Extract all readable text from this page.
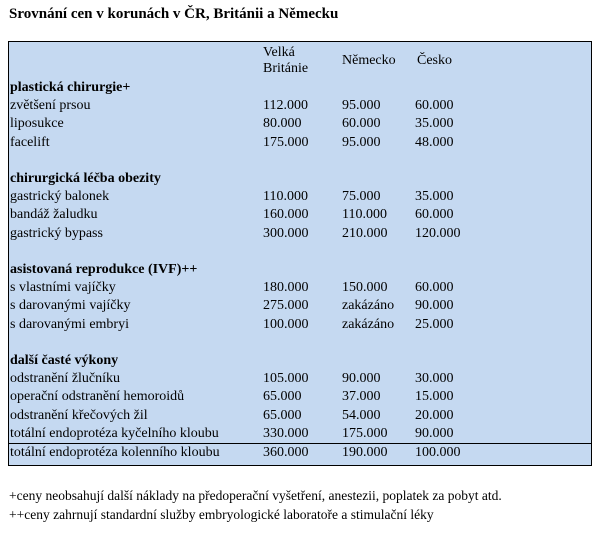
Srovnání cen v korunách v ČR, Británii a Německu
Velká
Británie
Německo Česko
plastická chirurgie+
zvětšení prsou	112.000 95.000 60.000
liposukce	80.000	60.000 35.000
facelift	175.000 95.000 48.000
chirurgická léčba obezity
gastrický balonek	110.000 75.000 35.000
bandáž žaludku	160.000 110.000 60.000
gastrický bypass	300.000 210.000 120.000
asistovaná reprodukce (IVF)++
s vlastními vajíčky	180.000 150.000 60.000
s darovanými vajíčky	275.000 zakázáno 90.000
s darovanými embryi	100.000 zakázáno 25.000
další časté výkony
odstranění žlučníku	105.000 90.000 30.000
operační odstranění hemoroidů	65.000	37.000 15.000
odstranění křečových žil	65.000	54.000 20.000
totální endoprotéza kyčelního kloubu	330.000 175.000 90.000
totální endoprotéza kolenního kloubu	360.000 190.000 100.000
+ceny neobsahují další náklady na předoperační vyšetření, anestezii, poplatek za pobyt atd.
++ceny zahrnují standardní služby embryologické laboratoře a stimulační léky
